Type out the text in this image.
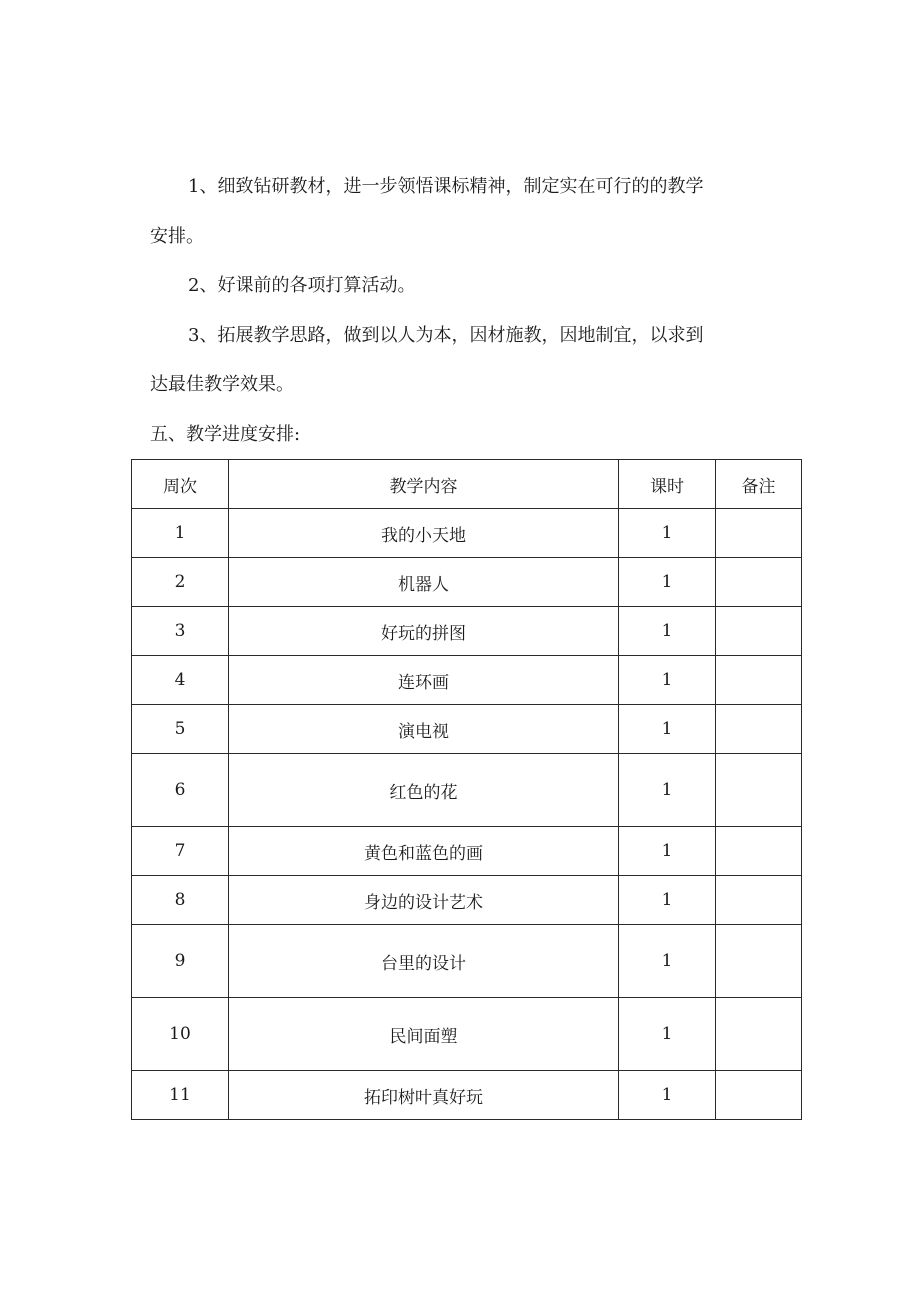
1、细致钻研教材，进一步领悟课标精神，制定实在可行的的教学

安排。

2、好课前的各项打算活动。

3、拓展教学思路，做到以人为本，因材施教，因地制宜，以求到

达最佳教学效果。

五、教学进度安排:

周次	教学内容	课时	备注
1	我的小天地	1	
2	机器人	1	
3	好玩的拼图	1	
4	连环画	1	
5	演电视	1	
6	红色的花	1	
7	黄色和蓝色的画	1	
8	身边的设计艺术	1	
9	台里的设计	1	
10	民间面塑	1	
11	拓印树叶真好玩	1	
